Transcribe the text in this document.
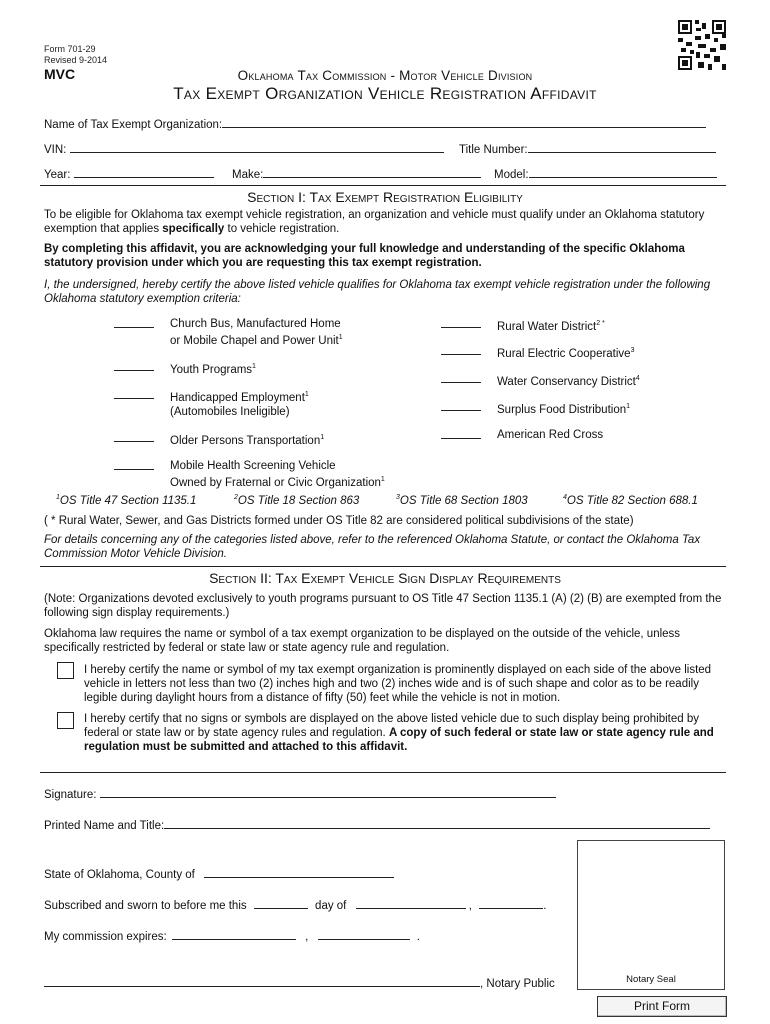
Form 701-29
Revised 9-2014
MVC	Oklahoma Tax Commission - Motor Vehicle Division
Tax Exempt Organization Vehicle Registration Affidavit
Name of Tax Exempt Organization:
VIN:	Title Number:
Year:	Make:	Model:
Section I: Tax Exempt Registration Eligibility
To be eligible for Oklahoma tax exempt vehicle registration, an organization and vehicle must qualify under an Oklahoma statutory exemption that applies specifically to vehicle registration.
By completing this affidavit, you are acknowledging your full knowledge and understanding of the specific Oklahoma statutory provision under which you are requesting this tax exempt registration.
I, the undersigned, hereby certify the above listed vehicle qualifies for Oklahoma tax exempt vehicle registration under the following Oklahoma statutory exemption criteria:
Church Bus, Manufactured Home
or Mobile Chapel and Power Unit$^1$
Youth Programs$^1$
Handicapped Employment$^1$
(Automobiles Ineligible)
Older Persons Transportation$^1$
Mobile Health Screening Vehicle
Owned by Fraternal or Civic Organization$^1$
Rural Water District$^{2 *}$
Rural Electric Cooperative$^3$
Water Conservancy District$^4$
Surplus Food Distribution$^1$
American Red Cross
$^1$OS Title 47 Section 1135.1	$^2$OS Title 18 Section 863	$^3$OS Title 68 Section 1803	$^4$OS Title 82 Section 688.1
( * Rural Water, Sewer, and Gas Districts formed under OS Title 82 are considered political subdivisions of the state)
For details concerning any of the categories listed above, refer to the referenced Oklahoma Statute, or contact the Oklahoma Tax Commission Motor Vehicle Division.
Section II: Tax Exempt Vehicle Sign Display Requirements
(Note: Organizations devoted exclusively to youth programs pursuant to OS Title 47 Section 1135.1 (A) (2) (B) are exempted from the following sign display requirements.)
Oklahoma law requires the name or symbol of a tax exempt organization to be displayed on the outside of the vehicle, unless specifically restricted by federal or state law or state agency rule and regulation.
I hereby certify the name or symbol of my tax exempt organization is prominently displayed on each side of the above listed vehicle in letters not less than two (2) inches high and two (2) inches wide and is of such shape and color as to be readily legible during daylight hours from a distance of fifty (50) feet while the vehicle is not in motion.
I hereby certify that no signs or symbols are displayed on the above listed vehicle due to such display being prohibited by federal or state law or by state agency rules and regulation. A copy of such federal or state law or state agency rule and regulation must be submitted and attached to this affidavit.
Signature:
Printed Name and Title:
State of Oklahoma, County of
Subscribed and sworn to before me this	day of	,	.
My commission expires:	,	.
, Notary Public	Notary Seal
Print Form
